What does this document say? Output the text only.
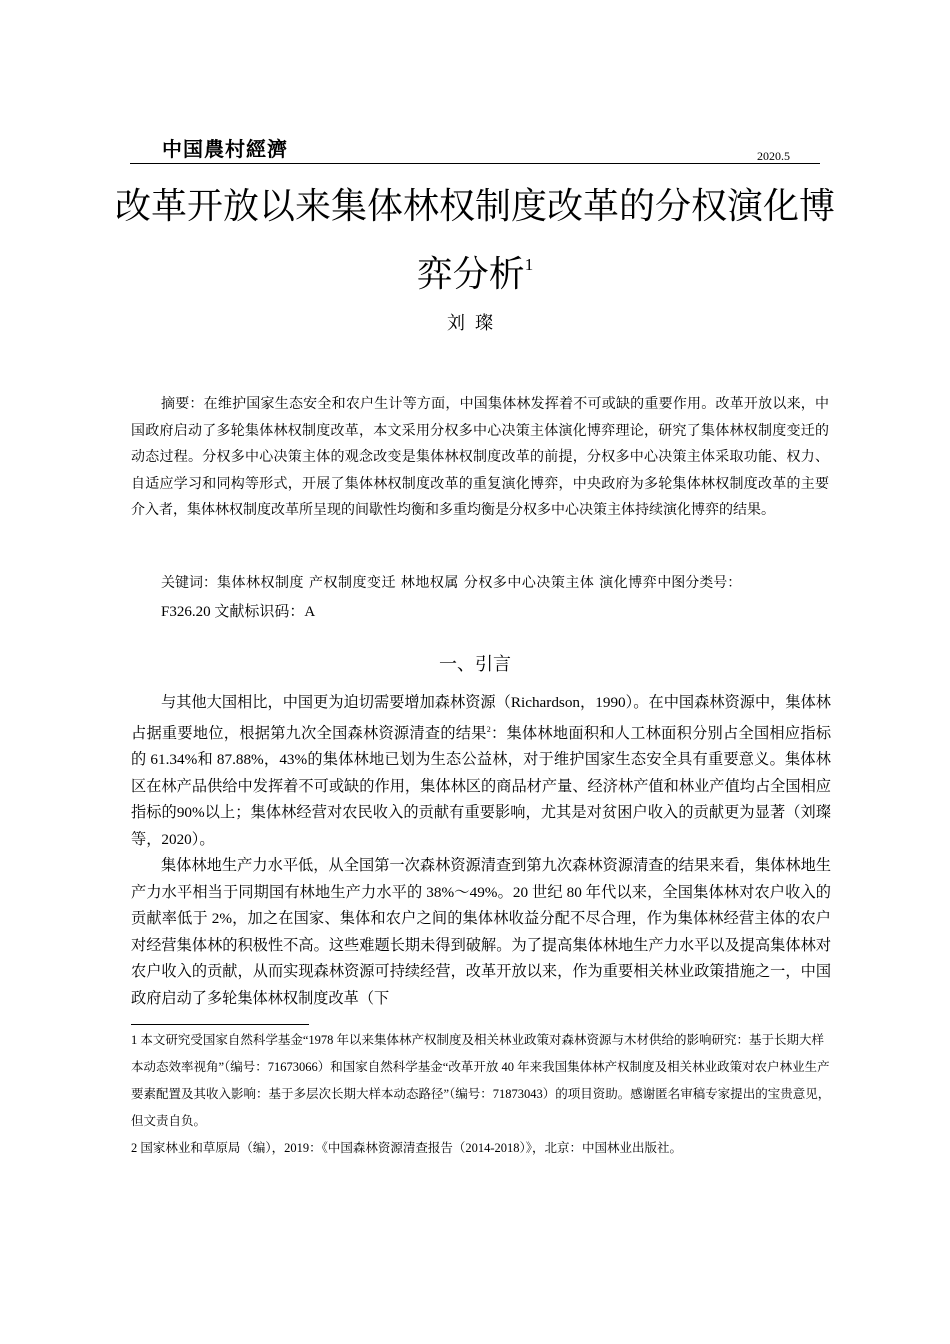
中国農村經濟	2020.5
改革开放以来集体林权制度改革的分权演化博
弈分析$^1$
刘璨

摘要：在维护国家生态安全和农户生计等方面，中国集体林发挥着不可或缺的重要作用。改革开放以来，中国政府启动了多轮集体林权制度改革，本文采用分权多中心决策主体演化博弈理论，研究了集体林权制度变迁的动态过程。分权多中心决策主体的观念改变是集体林权制度改革的前提，分权多中心决策主体采取功能、权力、自适应学习和同构等形式，开展了集体林权制度改革的重复演化博弈，中央政府为多轮集体林权制度改革的主要介入者，集体林权制度改革所呈现的间歇性均衡和多重均衡是分权多中心决策主体持续演化博弈的结果。

关键词：集体林权制度 产权制度变迁 林地权属 分权多中心决策主体 演化博弈中图分类号：
F326.20 文献标识码：A
一、引言

与其他大国相比，中国更为迫切需要增加森林资源（Richardson，1990）。在中国森林资源中，集体林占据重要地位，根据第九次全国森林资源清查的结果$^2$：集体林地面积和人工林面积分别占全国相应指标的 61.34%和 87.88%，43%的集体林地已划为生态公益林，对于维护国家生态安全具有重要意义。集体林区在林产品供给中发挥着不可或缺的作用，集体林区的商品材产量、经济林产值和林业产值均占全国相应指标的90%以上；集体林经营对农民收入的贡献有重要影响，尤其是对贫困户收入的贡献更为显著（刘璨等，2020）。

集体林地生产力水平低，从全国第一次森林资源清查到第九次森林资源清查的结果来看，集体林地生产力水平相当于同期国有林地生产力水平的 38%～49%。20 世纪 80 年代以来，全国集体林对农户收入的贡献率低于 2%，加之在国家、集体和农户之间的集体林收益分配不尽合理，作为集体林经营主体的农户对经营集体林的积极性不高。这些难题长期未得到破解。为了提高集体林地生产力水平以及提高集体林对农户收入的贡献，从而实现森林资源可持续经营，改革开放以来，作为重要相关林业政策措施之一，中国政府启动了多轮集体林权制度改革（下

1 本文研究受国家自然科学基金“1978 年以来集体林产权制度及相关林业政策对森林资源与木材供给的影响研究：基于长期大样本动态效率视角”（编号：71673066）和国家自然科学基金“改革开放 40 年来我国集体林产权制度及相关林业政策对农户林业生产要素配置及其收入影响：基于多层次长期大样本动态路径”（编号：71873043）的项目资助。感谢匿名审稿专家提出的宝贵意见，但文责自负。

2 国家林业和草原局（编），2019：《中国森林资源清查报告（2014-2018）》，北京：中国林业出版社。
